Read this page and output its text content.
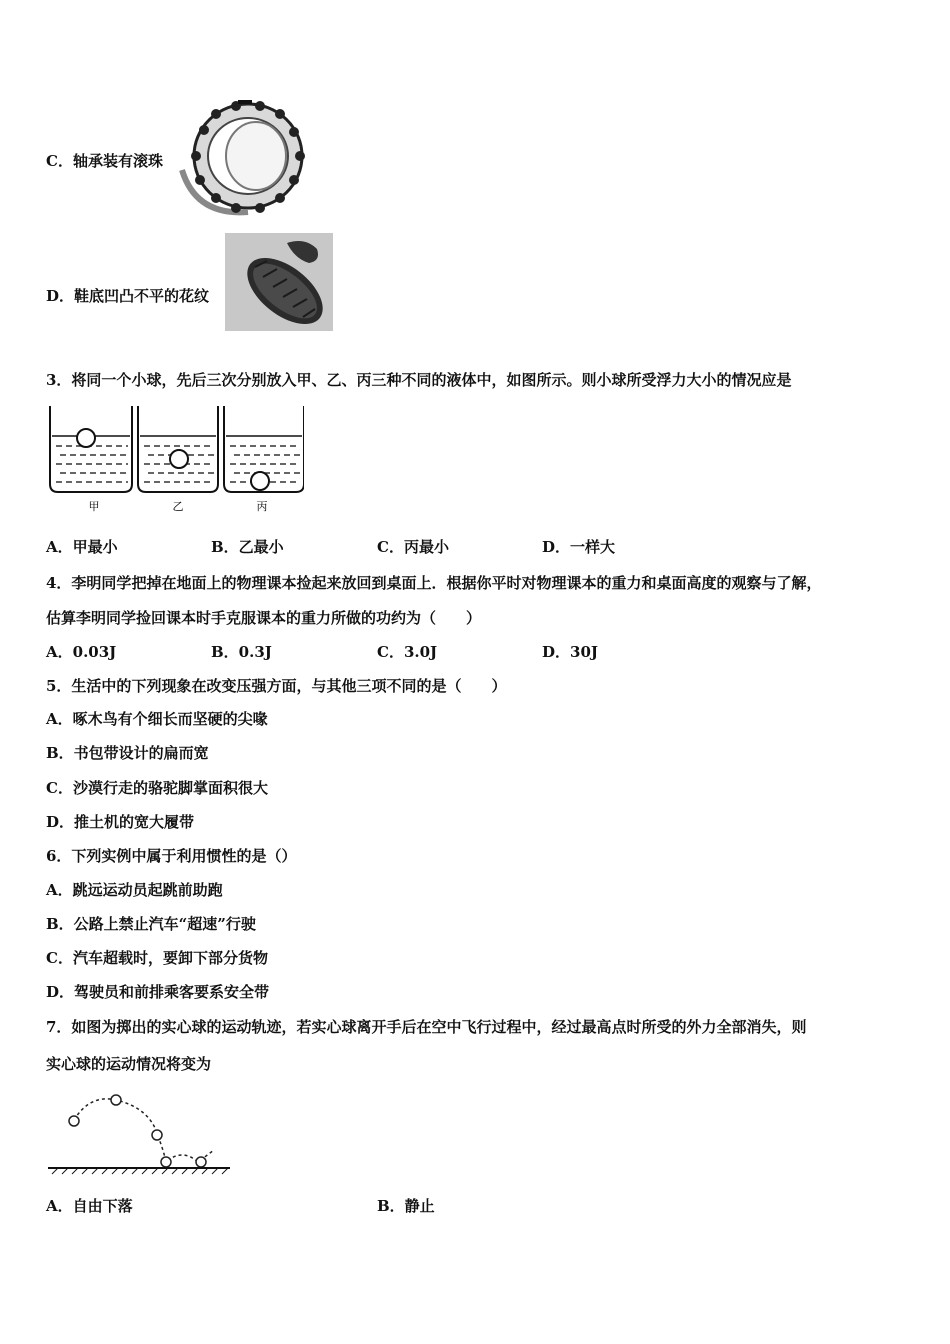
C．轴承装有滚珠
D．鞋底凹凸不平的花纹
3．将同一个小球，先后三次分别放入甲、乙、丙三种不同的液体中，如图所示。则小球所受浮力大小的情况应是
甲	乙	丙
A．甲最小	B．乙最小	C．丙最小	D．一样大
4．李明同学把掉在地面上的物理课本捡起来放回到桌面上．根据你平时对物理课本的重力和桌面高度的观察与了解，
估算李明同学捡回课本时手克服课本的重力所做的功约为（　　）
A．0.03J	B．0.3J	C．3.0J	D．30J
5．生活中的下列现象在改变压强方面，与其他三项不同的是（　　）
A．啄木鸟有个细长而坚硬的尖喙
B．书包带设计的扁而宽
C．沙漠行走的骆驼脚掌面积很大
D．推土机的宽大履带
6．下列实例中属于利用惯性的是（）
A．跳远运动员起跳前助跑
B．公路上禁止汽车“超速”行驶
C．汽车超载时，要卸下部分货物
D．驾驶员和前排乘客要系安全带
7．如图为掷出的实心球的运动轨迹，若实心球离开手后在空中飞行过程中，经过最高点时所受的外力全部消失，则
实心球的运动情况将变为
A．自由下落	B．静止
